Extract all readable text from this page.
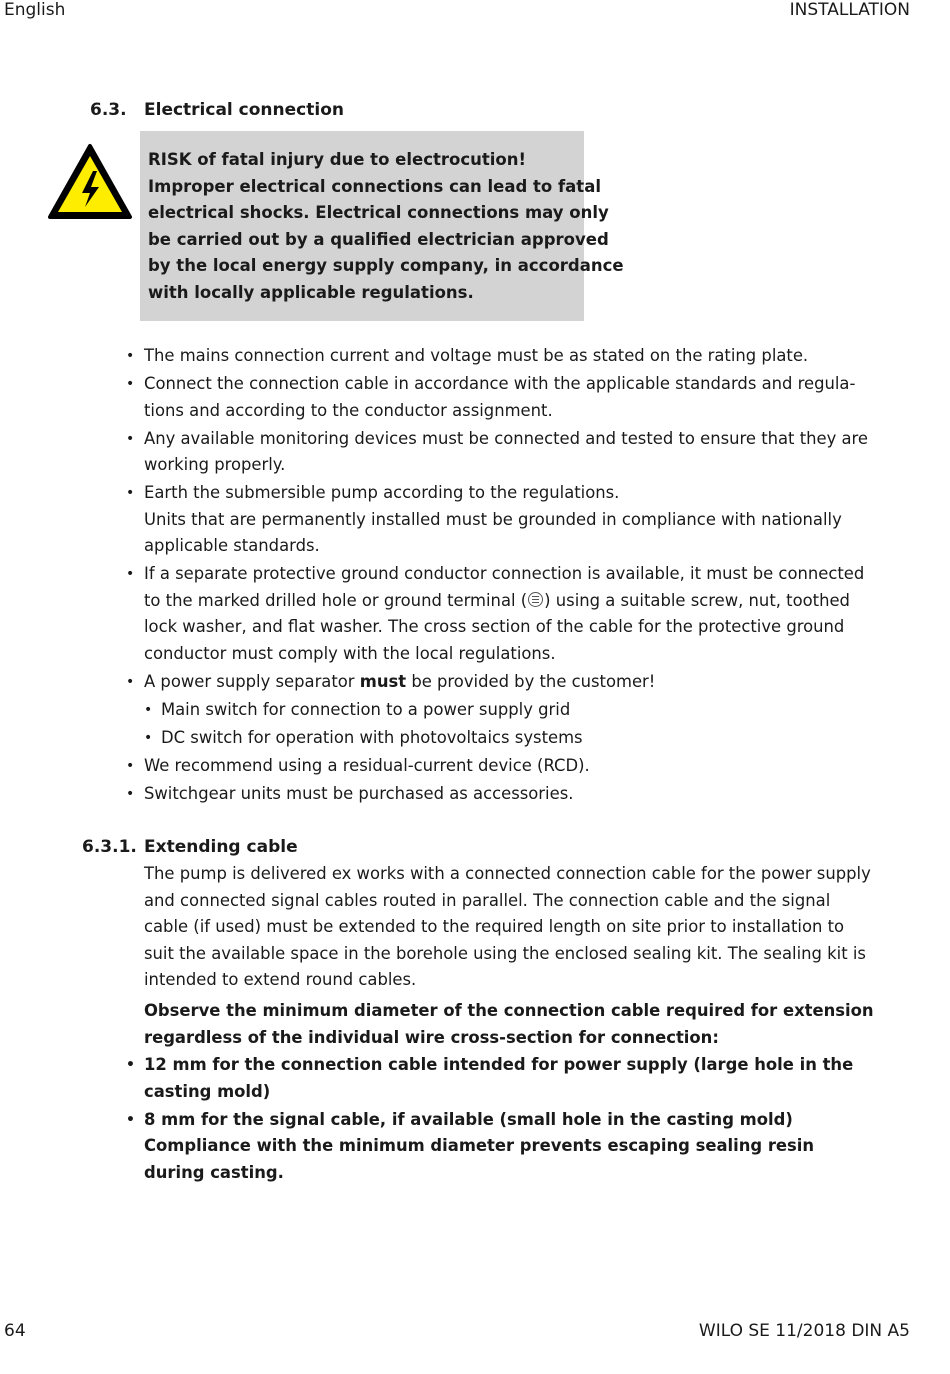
English	INSTALLATION
6.3. Electrical connection
RISK of fatal injury due to electrocution!
Improper electrical connections can lead to fatal
electrical shocks. Electrical connections may only
be carried out by a qualified electrician approved
by the local energy supply company, in accordance
with locally applicable regulations.
• The mains connection current and voltage must be as stated on the rating plate.
• Connect the connection cable in accordance with the applicable standards and regula-
tions and according to the conductor assignment.
• Any available monitoring devices must be connected and tested to ensure that they are
working properly.
• Earth the submersible pump according to the regulations.
Units that are permanently installed must be grounded in compliance with nationally
applicable standards.
• If a separate protective ground conductor connection is available, it must be connected
to the marked drilled hole or ground terminal ( ) using a suitable screw, nut, toothed
lock washer, and flat washer. The cross section of the cable for the protective ground
conductor must comply with the local regulations.
• A power supply separator must be provided by the customer!
• Main switch for connection to a power supply grid
• DC switch for operation with photovoltaics systems
• We recommend using a residual-current device (RCD).
• Switchgear units must be purchased as accessories.
6.3.1. Extending cable
The pump is delivered ex works with a connected connection cable for the power supply
and connected signal cables routed in parallel. The connection cable and the signal
cable (if used) must be extended to the required length on site prior to installation to
suit the available space in the borehole using the enclosed sealing kit. The sealing kit is
intended to extend round cables.
Observe the minimum diameter of the connection cable required for extension
regardless of the individual wire cross-section for connection:
• 12 mm for the connection cable intended for power supply (large hole in the
casting mold)
• 8 mm for the signal cable, if available (small hole in the casting mold)
Compliance with the minimum diameter prevents escaping sealing resin
during casting.
64	WILO SE 11/2018 DIN A5
